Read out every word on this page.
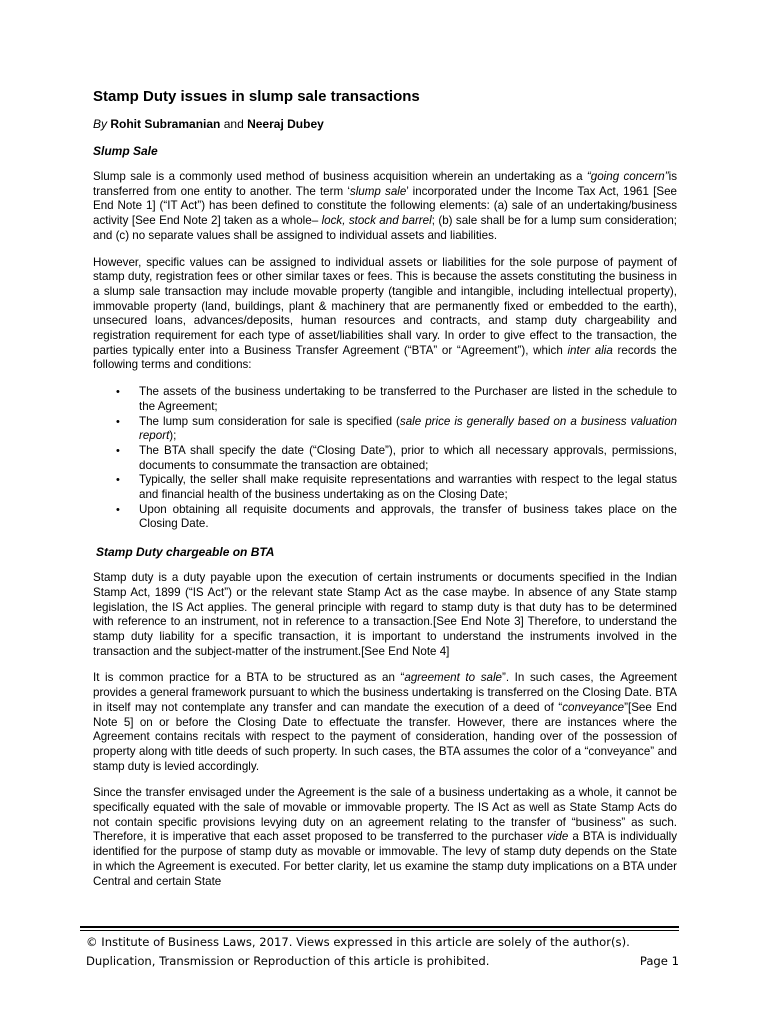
Stamp Duty issues in slump sale transactions
By Rohit Subramanian and Neeraj Dubey
Slump Sale

Slump sale is a commonly used method of business acquisition wherein an undertaking as a “going concern”is transferred from one entity to another. The term ‘slump sale’ incorporated under the Income Tax Act, 1961 [See End Note 1] (“IT Act”) has been defined to constitute the following elements: (a) sale of an undertaking/business activity [See End Note 2] taken as a whole– lock, stock and barrel; (b) sale shall be for a lump sum consideration; and (c) no separate values shall be assigned to individual assets and liabilities.

However, specific values can be assigned to individual assets or liabilities for the sole purpose of payment of stamp duty, registration fees or other similar taxes or fees. This is because the assets constituting the business in a slump sale transaction may include movable property (tangible and intangible, including intellectual property), immovable property (land, buildings, plant & machinery that are permanently fixed or embedded to the earth), unsecured loans, advances/deposits, human resources and contracts, and stamp duty chargeability and registration requirement for each type of asset/liabilities shall vary. In order to give effect to the transaction, the parties typically enter into a Business Transfer Agreement (“BTA” or “Agreement”), which inter alia records the following terms and conditions:

• The assets of the business undertaking to be transferred to the Purchaser are listed in the schedule to the Agreement;
• The lump sum consideration for sale is specified (sale price is generally based on a business valuation report);
• The BTA shall specify the date (“Closing Date”), prior to which all necessary approvals, permissions, documents to consummate the transaction are obtained;
• Typically, the seller shall make requisite representations and warranties with respect to the legal status and financial health of the business undertaking as on the Closing Date;
• Upon obtaining all requisite documents and approvals, the transfer of business takes place on the Closing Date.
Stamp Duty chargeable on BTA

Stamp duty is a duty payable upon the execution of certain instruments or documents specified in the Indian Stamp Act, 1899 (“IS Act”) or the relevant state Stamp Act as the case maybe. In absence of any State stamp legislation, the IS Act applies. The general principle with regard to stamp duty is that duty has to be determined with reference to an instrument, not in reference to a transaction.[See End Note 3] Therefore, to understand the stamp duty liability for a specific transaction, it is important to understand the instruments involved in the transaction and the subject-matter of the instrument.[See End Note 4]

It is common practice for a BTA to be structured as an “agreement to sale”. In such cases, the Agreement provides a general framework pursuant to which the business undertaking is transferred on the Closing Date. BTA in itself may not contemplate any transfer and can mandate the execution of a deed of “conveyance”[See End Note 5] on or before the Closing Date to effectuate the transfer. However, there are instances where the Agreement contains recitals with respect to the payment of consideration, handing over of the possession of property along with title deeds of such property. In such cases, the BTA assumes the color of a “conveyance” and stamp duty is levied accordingly.

Since the transfer envisaged under the Agreement is the sale of a business undertaking as a whole, it cannot be specifically equated with the sale of movable or immovable property. The IS Act as well as State Stamp Acts do not contain specific provisions levying duty on an agreement relating to the transfer of “business” as such. Therefore, it is imperative that each asset proposed to be transferred to the purchaser vide a BTA is individually identified for the purpose of stamp duty as movable or immovable. The levy of stamp duty depends on the State in which the Agreement is executed. For better clarity, let us examine the stamp duty implications on a BTA under Central and certain State

© Institute of Business Laws, 2017. Views expressed in this article are solely of the author(s).

Duplication, Transmission or Reproduction of this article is prohibited.	Page 1
